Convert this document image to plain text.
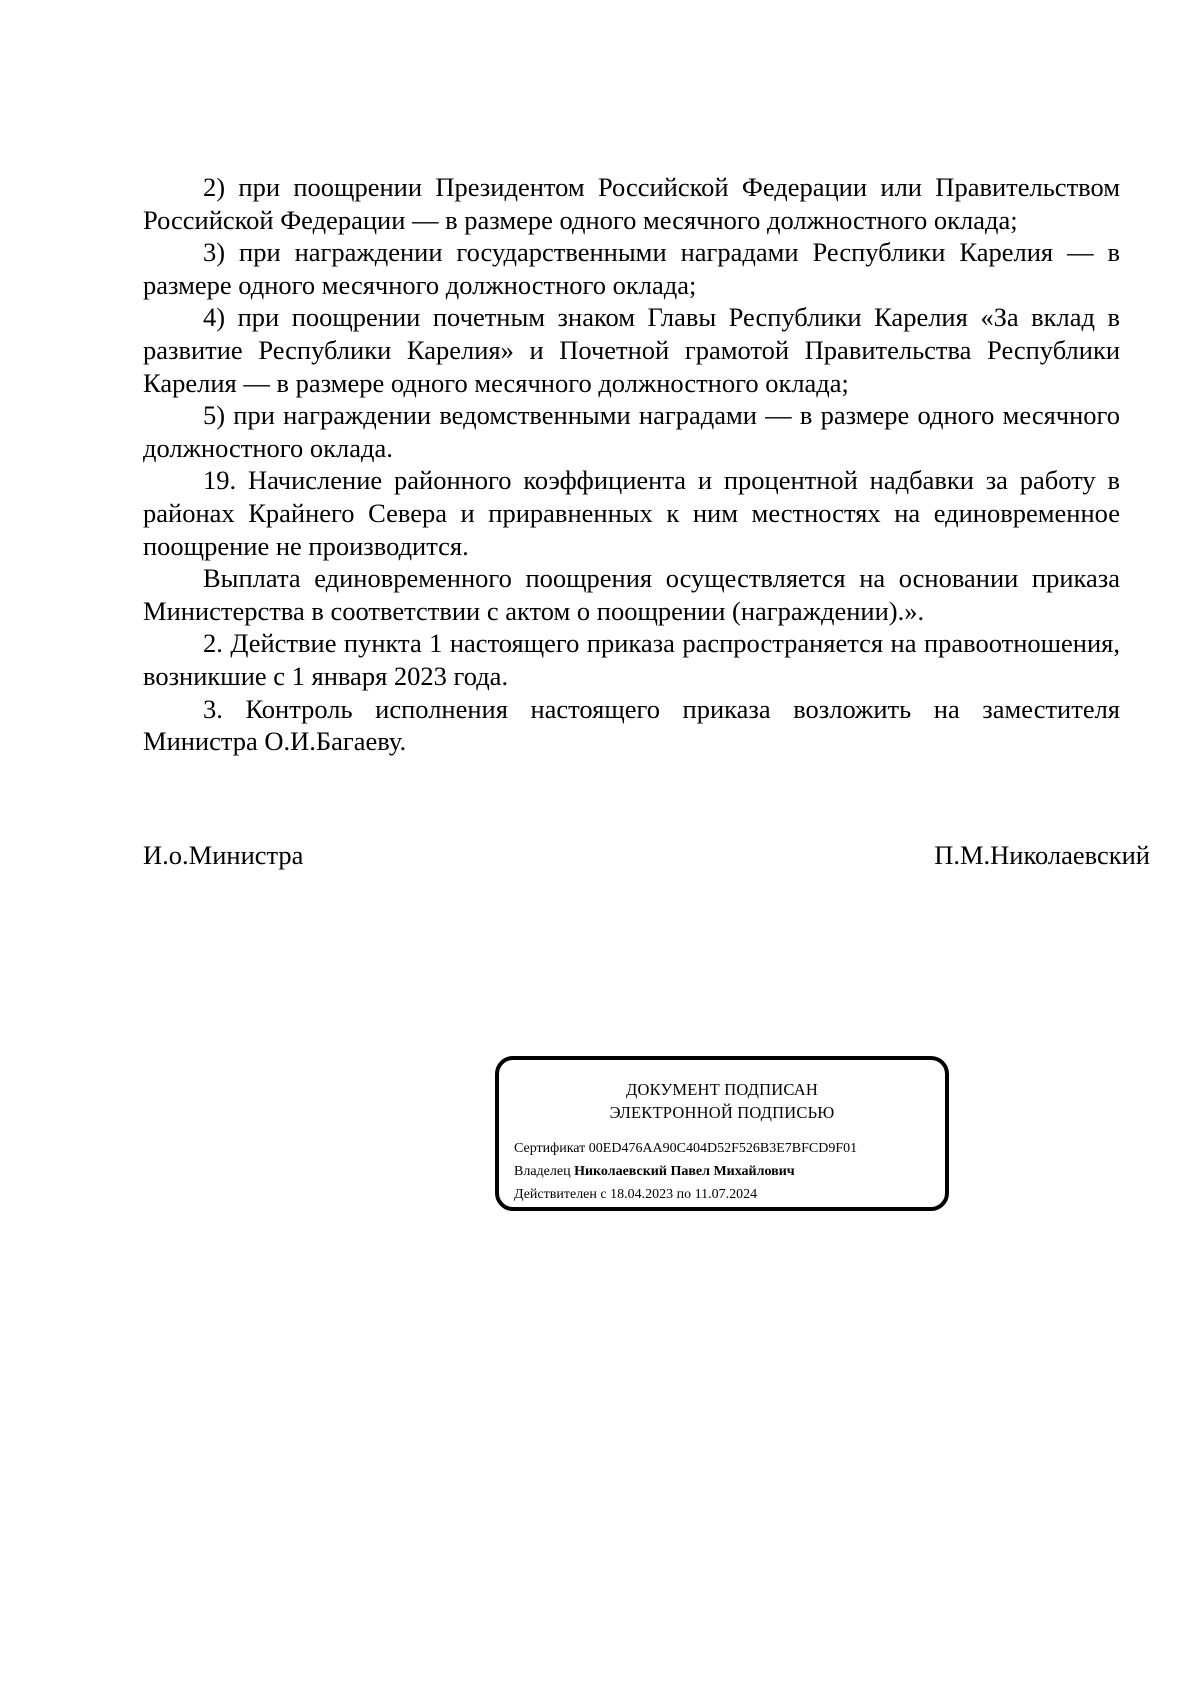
2) при поощрении Президентом Российской Федерации или Правительством Российской Федерации — в размере одного месячного должностного оклада;

3) при награждении государственными наградами Республики Карелия — в размере одного месячного должностного оклада;

4) при поощрении почетным знаком Главы Республики Карелия «За вклад в развитие Республики Карелия» и Почетной грамотой Правительства Республики Карелия — в размере одного месячного должностного оклада;

5) при награждении ведомственными наградами — в размере одного месячного должностного оклада.

19. Начисление районного коэффициента и процентной надбавки за работу в районах Крайнего Севера и приравненных к ним местностях на единовременное поощрение не производится.

Выплата единовременного поощрения осуществляется на основании приказа Министерства в соответствии с актом о поощрении (награждении).».

2. Действие пункта 1 настоящего приказа распространяется на правоотношения, возникшие с 1 января 2023 года.

3. Контроль исполнения настоящего приказа возложить на заместителя Министра О.И.Багаеву.

И.о.Министра	П.М.Николаевский
ДОКУМЕНТ ПОДПИСАН
ЭЛЕКТРОННОЙ ПОДПИСЬЮ
Сертификат 00ED476AA90C404D52F526B3E7BFCD9F01
Владелец Николаевский Павел Михайлович
Действителен с 18.04.2023 по 11.07.2024
